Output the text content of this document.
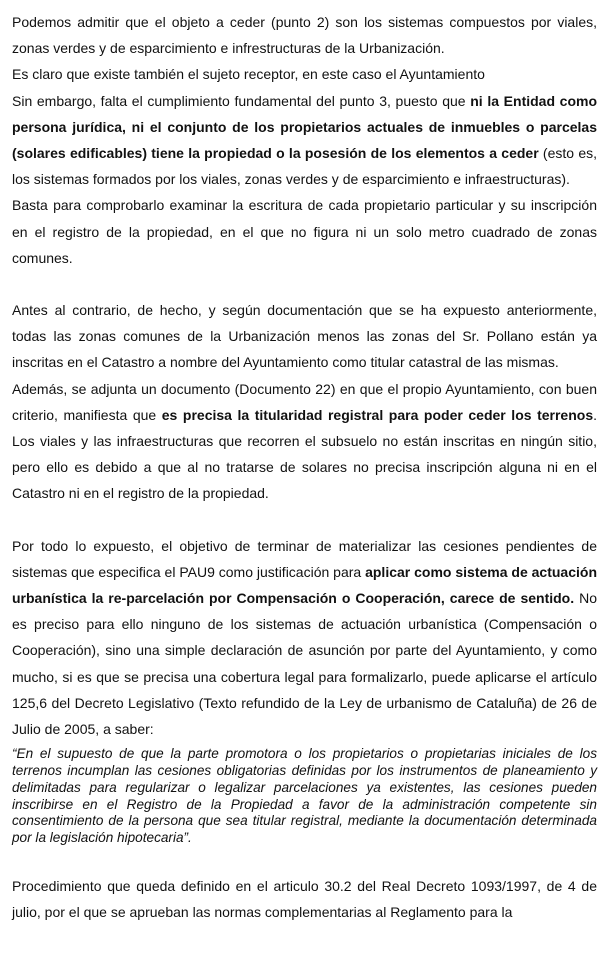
Podemos admitir que el objeto a ceder (punto 2) son los sistemas compuestos por viales, zonas verdes y de esparcimiento e infrestructuras de la Urbanización.

Es claro que existe también el sujeto receptor, en este caso el Ayuntamiento

Sin embargo, falta el cumplimiento fundamental del punto 3, puesto que ni la Entidad como persona jurídica, ni el conjunto de los propietarios actuales de inmuebles o parcelas (solares edificables) tiene la propiedad o la posesión de los elementos a ceder (esto es, los sistemas formados por los viales, zonas verdes y de esparcimiento e infraestructuras).

Basta para comprobarlo examinar la escritura de cada propietario particular y su inscripción en el registro de la propiedad, en el que no figura ni un solo metro cuadrado de zonas comunes.

Antes al contrario, de hecho, y según documentación que se ha expuesto anteriormente, todas las zonas comunes de la Urbanización menos las zonas del Sr. Pollano están ya inscritas en el Catastro a nombre del Ayuntamiento como titular catastral de las mismas.

Además, se adjunta un documento (Documento 22) en que el propio Ayuntamiento, con buen criterio, manifiesta que es precisa la titularidad registral para poder ceder los terrenos. Los viales y las infraestructuras que recorren el subsuelo no están inscritas en ningún sitio, pero ello es debido a que al no tratarse de solares no precisa inscripción alguna ni en el Catastro ni en el registro de la propiedad.

Por todo lo expuesto, el objetivo de terminar de materializar las cesiones pendientes de sistemas que especifica el PAU9 como justificación para aplicar como sistema de actuación urbanística la re-parcelación por Compensación o Cooperación, carece de sentido. No es preciso para ello ninguno de los sistemas de actuación urbanística (Compensación o Cooperación), sino una simple declaración de asunción por parte del Ayuntamiento, y como mucho, si es que se precisa una cobertura legal para formalizarlo, puede aplicarse el artículo 125,6 del Decreto Legislativo (Texto refundido de la Ley de urbanismo de Cataluña) de 26 de Julio de 2005, a saber:

“En el supuesto de que la parte promotora o los propietarios o propietarias iniciales de los terrenos incumplan las cesiones obligatorias definidas por los instrumentos de planeamiento y delimitadas para regularizar o legalizar parcelaciones ya existentes, las cesiones pueden inscribirse en el Registro de la Propiedad a favor de la administración competente sin consentimiento de la persona que sea titular registral, mediante la documentación determinada por la legislación hipotecaria”.

Procedimiento que queda definido en el articulo 30.2 del Real Decreto 1093/1997, de 4 de julio, por el que se aprueban las normas complementarias al Reglamento para la
